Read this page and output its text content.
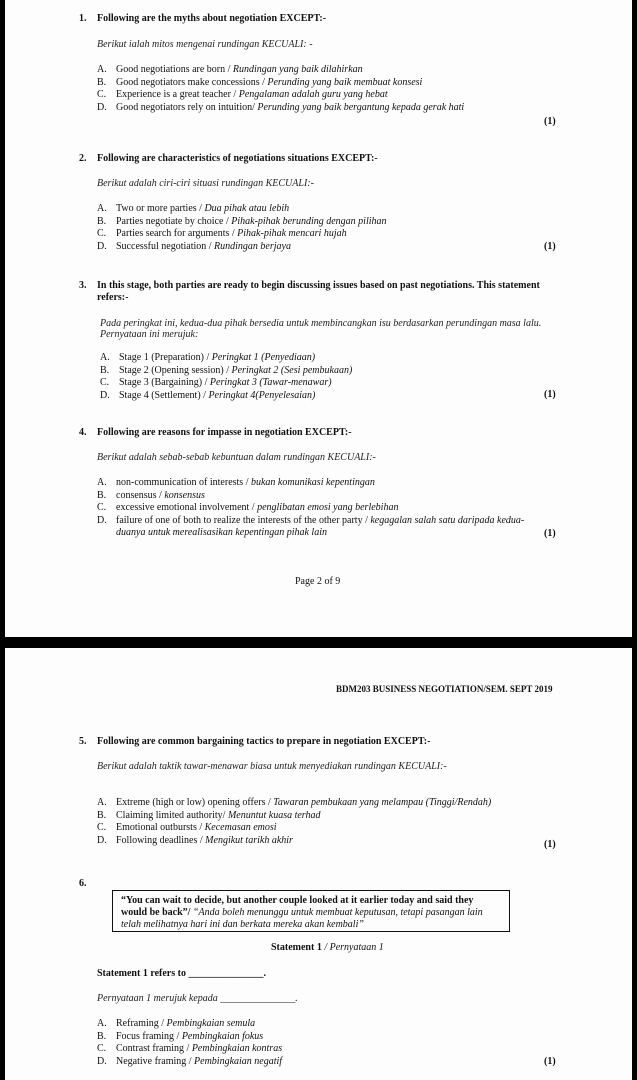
1. Following are the myths about negotiation EXCEPT:-
Berikut ialah mitos mengenai rundingan KECUALI: -
A. Good negotiations are born / Rundingan yang baik dilahirkan
B. Good negotiators make concessions / Perunding yang baik membuat konsesi
C. Experience is a great teacher / Pengalaman adalah guru yang hebat
D. Good negotiators rely on intuition/ Perunding yang baik bergantung kepada gerak hati
(1)
2. Following are characteristics of negotiations situations EXCEPT:-
Berikut adalah ciri-ciri situasi rundingan KECUALI:-
A. Two or more parties / Dua pihak atau lebih
B. Parties negotiate by choice / Pihak-pihak berunding dengan pilihan
C. Parties search for arguments / Pihak-pihak mencari hujah
D. Successful negotiation / Rundingan berjaya	(1)
3. In this stage, both parties are ready to begin discussing issues based on past negotiations. This statement
refers:-
Pada peringkat ini, kedua-dua pihak bersedia untuk membincangkan isu berdasarkan perundingan masa lalu.
Pernyataan ini merujuk:
A. Stage 1 (Preparation) / Peringkat 1 (Penyediaan)
B. Stage 2 (Opening session) / Peringkat 2 (Sesi pembukaan)
C. Stage 3 (Bargaining) / Peringkat 3 (Tawar-menawar)
D. Stage 4 (Settlement) / Peringkat 4(Penyelesaian)	(1)
4. Following are reasons for impasse in negotiation EXCEPT:-
Berikut adalah sebab-sebab kebuntuan dalam rundingan KECUALI:-
A. non-communication of interests / bukan komunikasi kepentingan
B. consensus / konsensus
C. excessive emotional involvement / penglibatan emosi yang berlebihan
D. failure of one of both to realize the interests of the other party / kegagalan salah satu daripada kedua-
duanya untuk merealisasikan kepentingan pihak lain	(1)
Page 2 of 9
BDM203 BUSINESS NEGOTIATION/SEM. SEPT 2019
5. Following are common bargaining tactics to prepare in negotiation EXCEPT:-
Berikut adalah taktik tawar-menawar biasa untuk menyediakan rundingan KECUALI:-
A. Extreme (high or low) opening offers / Tawaran pembukaan yang melampau (Tinggi/Rendah)
B. Claiming limited authority/ Menuntut kuasa terhad
C. Emotional outbursts / Kecemasan emosi
D. Following deadlines / Mengikut tarikh akhir	(1)
6.
“You can wait to decide, but another couple looked at it earlier today and said they would be back”/ “Anda boleh menunggu untuk membuat keputusan, tetapi pasangan lain telah melihatnya hari ini dan berkata mereka akan kembali”
Statement 1 / Pernyataan 1
Statement 1 refers to _______________.
Pernyataan 1 merujuk kepada _______________.
A. Reframing / Pembingkaian semula
B. Focus framing / Pembingkaian fokus
C. Contrast framing / Pembingkaian kontras
D. Negative framing / Pembingkaian negatif	(1)
